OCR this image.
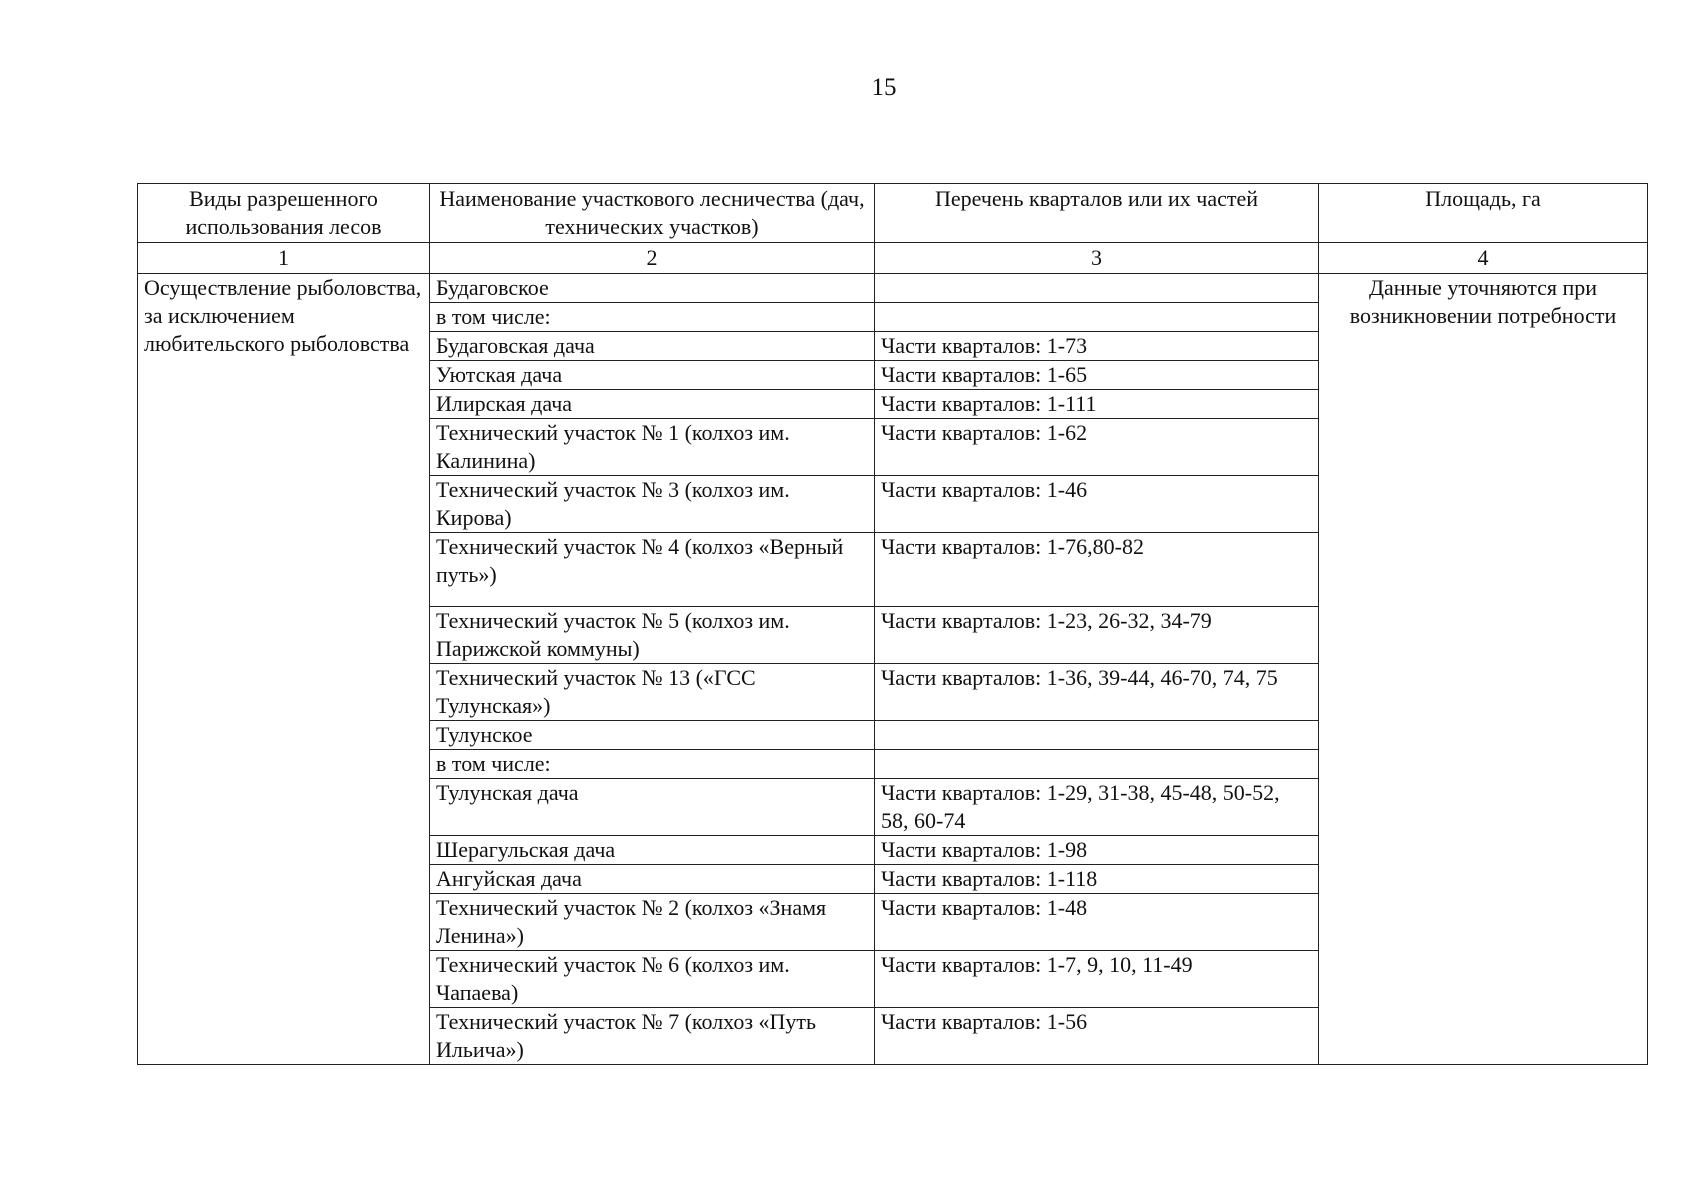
15
Виды разрешенного использования лесов	Наименование участкового лесничества (дач, технических участков)	Перечень кварталов или их частей	Площадь, га
1	2	3	4
Осуществление рыболовства, за исключением любительского рыболовства	Будаговское		Данные уточняются при возникновении потребности
	в том числе:		
	Будаговская дача	Части кварталов: 1-73	
	Уютская дача	Части кварталов: 1-65	
	Илирская дача	Части кварталов: 1-111	
	Технический участок № 1 (колхоз им. Калинина)	Части кварталов: 1-62	
	Технический участок № 3 (колхоз им. Кирова)	Части кварталов: 1-46	
	Технический участок № 4 (колхоз «Верный путь»)	Части кварталов: 1-76,80-82	
	Технический участок № 5 (колхоз им. Парижской коммуны)	Части кварталов: 1-23, 26-32, 34-79	
	Технический участок № 13 («ГСС Тулунская»)	Части кварталов: 1-36, 39-44, 46-70, 74, 75	
	Тулунское		
	в том числе:		
	Тулунская дача	Части кварталов: 1-29, 31-38, 45-48, 50-52, 58, 60-74	
	Шерагульская дача	Части кварталов: 1-98	
	Ангуйская дача	Части кварталов: 1-118	
	Технический участок № 2 (колхоз «Знамя Ленина»)	Части кварталов: 1-48	
	Технический участок № 6 (колхоз им. Чапаева)	Части кварталов: 1-7, 9, 10, 11-49	
	Технический участок № 7 (колхоз «Путь Ильича»)	Части кварталов: 1-56	
